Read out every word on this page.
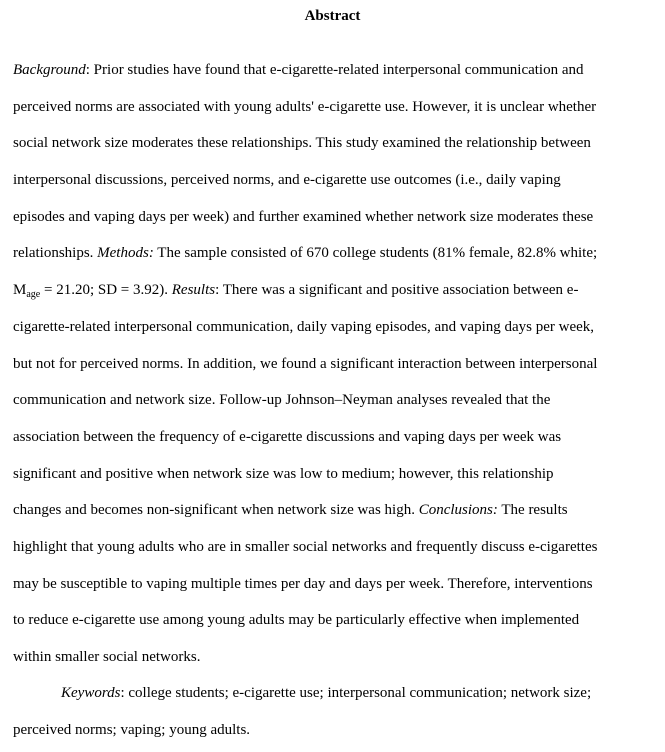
Abstract
Background: Prior studies have found that e-cigarette-related interpersonal communication and
perceived norms are associated with young adults' e-cigarette use. However, it is unclear whether
social network size moderates these relationships. This study examined the relationship between
interpersonal discussions, perceived norms, and e-cigarette use outcomes (i.e., daily vaping
episodes and vaping days per week) and further examined whether network size moderates these
relationships. Methods: The sample consisted of 670 college students (81% female, 82.8% white;
$M_{age} = 21.20$; SD = 3.92). Results: There was a significant and positive association between e-
cigarette-related interpersonal communication, daily vaping episodes, and vaping days per week,
but not for perceived norms. In addition, we found a significant interaction between interpersonal
communication and network size. Follow-up Johnson–Neyman analyses revealed that the
association between the frequency of e-cigarette discussions and vaping days per week was
significant and positive when network size was low to medium; however, this relationship
changes and becomes non-significant when network size was high. Conclusions: The results
highlight that young adults who are in smaller social networks and frequently discuss e-cigarettes
may be susceptible to vaping multiple times per day and days per week. Therefore, interventions
to reduce e-cigarette use among young adults may be particularly effective when implemented
within smaller social networks.
Keywords: college students; e-cigarette use; interpersonal communication; network size;
perceived norms; vaping; young adults.
